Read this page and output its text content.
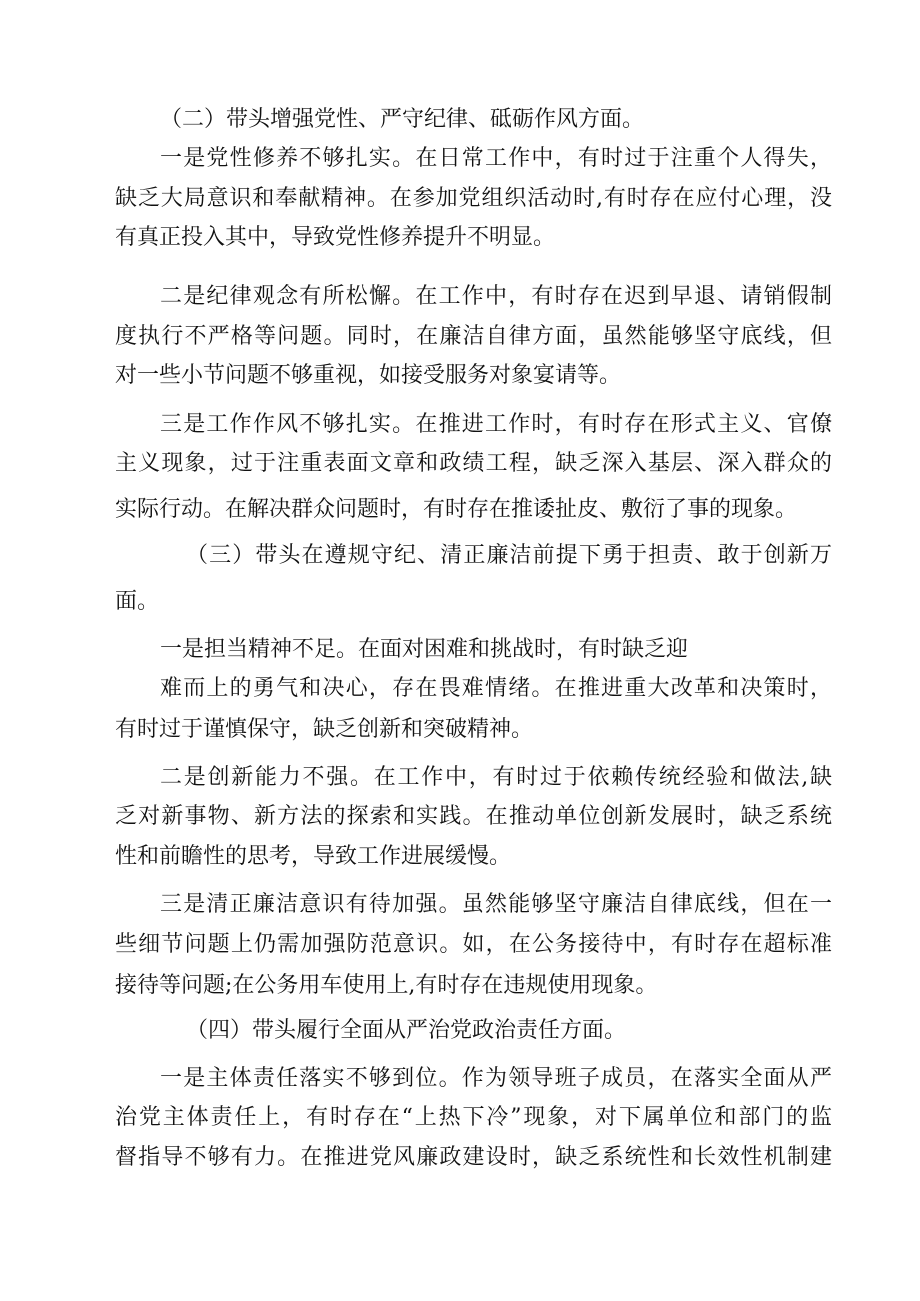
（二）带头增强党性、严守纪律、砥砺作风方面。

一是党性修养不够扎实。在日常工作中，有时过于注重个人得失，

缺乏大局意识和奉献精神。在参加党组织活动时,有时存在应付心理，没

有真正投入其中，导致党性修养提升不明显。

二是纪律观念有所松懈。在工作中，有时存在迟到早退、请销假制

度执行不严格等问题。同时，在廉洁自律方面，虽然能够坚守底线，但

对一些小节问题不够重视，如接受服务对象宴请等。

三是工作作风不够扎实。在推进工作时，有时存在形式主义、官僚

主义现象，过于注重表面文章和政绩工程，缺乏深入基层、深入群众的

实际行动。在解决群众问题时，有时存在推诿扯皮、敷衍了事的现象。

（三）带头在遵规守纪、清正廉洁前提下勇于担责、敢于创新万

面。

一是担当精神不足。在面对困难和挑战时，有时缺乏迎

难而上的勇气和决心，存在畏难情绪。在推进重大改革和决策时，

有时过于谨慎保守，缺乏创新和突破精神。

二是创新能力不强。在工作中，有时过于依赖传统经验和做法,缺

乏对新事物、新方法的探索和实践。在推动单位创新发展时，缺乏系统

性和前瞻性的思考，导致工作进展缓慢。

三是清正廉洁意识有待加强。虽然能够坚守廉洁自律底线，但在一

些细节问题上仍需加强防范意识。如，在公务接待中，有时存在超标准

接待等问题;在公务用车使用上,有时存在违规使用现象。

（四）带头履行全面从严治党政治责任方面。

一是主体责任落实不够到位。作为领导班子成员，在落实全面从严

治党主体责任上，有时存在“上热下冷”现象，对下属单位和部门的监

督指导不够有力。在推进党风廉政建设时，缺乏系统性和长效性机制建
